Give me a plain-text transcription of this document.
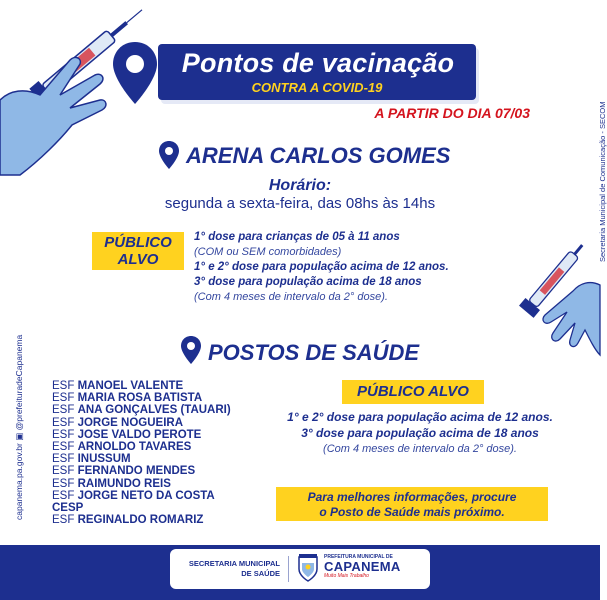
Pontos de vacinação
CONTRA A COVID-19
A PARTIR DO DIA 07/03
ARENA CARLOS GOMES
Horário:
segunda a sexta-feira, das 08hs às 14hs
PÚBLICO
ALVO
1° dose para crianças de 05 à 11 anos
(COM ou SEM comorbidades)
1° e 2° dose para população acima de 12 anos.
3° dose para população acima de 18 anos
(Com 4 meses de intervalo da 2° dose).
POSTOS DE SAÚDE
ESF MANOEL VALENTE
ESF MARIA ROSA BATISTA
ESF ANA GONÇALVES (TAUARI)
ESF JORGE NOGUEIRA
ESF JOSE VALDO PEROTE
ESF ARNOLDO TAVARES
ESF INUSSUM
ESF FERNANDO MENDES
ESF RAIMUNDO REIS
ESF JORGE NETO DA COSTA
CESP
ESF REGINALDO ROMARIZ
PÚBLICO ALVO
1° e 2° dose para população acima de 12 anos.
3° dose para população acima de 18 anos
(Com 4 meses de intervalo da 2° dose).
Para melhores informações, procure
o Posto de Saúde mais próximo.
Secretaria Municipal de Comunicação - SECOM
capanema.pa.gov.br ▣ @prefeituradeCapanema
SECRETARIA MUNICIPAL
DE SAÚDE
PREFEITURA MUNICIPAL DE
CAPANEMA
Muito Mais Trabalho
